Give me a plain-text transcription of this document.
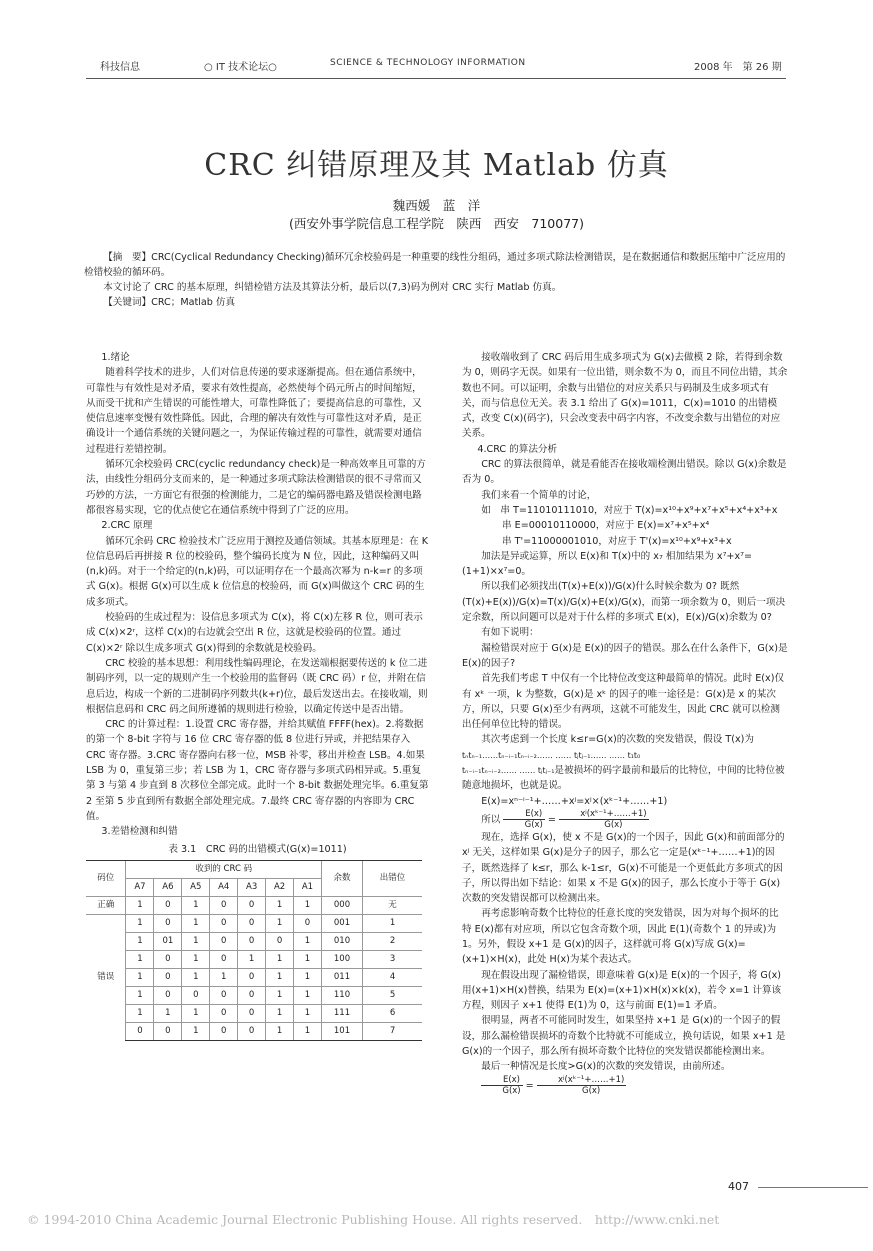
科技信息	○ IT 技术论坛○	SCIENCE & TECHNOLOGY INFORMATION	2008 年　第 26 期
CRC 纠错原理及其 Matlab 仿真
魏西媛　蓝　洋
(西安外事学院信息工程学院　陕西　西安　710077)

【摘　要】CRC(Cyclical Redundancy Checking)循环冗余校验码是一种重要的线性分组码，通过多项式除法检测错误，是在数据通信和数据压缩中广泛应用的检错校验的循环码。

本文讨论了 CRC 的基本原理，纠错检错方法及其算法分析，最后以(7,3)码为例对 CRC 实行 Matlab 仿真。

【关键词】CRC；Matlab 仿真

1.绪论

随着科学技术的进步，人们对信息传递的要求逐渐提高。但在通信系统中，可靠性与有效性是对矛盾，要求有效性提高，必然使每个码元所占的时间缩短，从而受干扰和产生错误的可能性增大，可靠性降低了；要提高信息的可靠性，又使信息速率变慢有效性降低。因此，合理的解决有效性与可靠性这对矛盾，是正确设计一个通信系统的关键问题之一，为保证传输过程的可靠性，就需要对通信过程进行差错控制。

循环冗余校验码 CRC(cyclic redundancy check)是一种高效率且可靠的方法，由线性分组码分支而来的，是一种通过多项式除法检测错误的很不寻常而又巧妙的方法，一方面它有很强的检测能力，二是它的编码器电路及错误检测电路都很容易实现，它的优点使它在通信系统中得到了广泛的应用。

2.CRC 原理

循环冗余码 CRC 检验技术广泛应用于测控及通信领域。其基本原理是：在 K 位信息码后再拼接 R 位的校验码，整个编码长度为 N 位，因此，这种编码又叫(n,k)码。对于一个给定的(n,k)码，可以证明存在一个最高次幂为 n-k=r 的多项式 G(x)。根据 G(x)可以生成 k 位信息的校验码，而 G(x)叫做这个 CRC 码的生成多项式。

校验码的生成过程为：设信息多项式为 C(x)，将 C(x)左移 R 位，则可表示成 C(x)×2ʳ，这样 C(x)的右边就会空出 R 位，这就是校验码的位置。通过 C(x)×2ʳ 除以生成多项式 G(x)得到的余数就是校验码。

CRC 校验的基本思想：利用线性编码理论，在发送端根据要传送的 k 位二进制码序列，以一定的规则产生一个校验用的监督码（既 CRC 码）r 位，并附在信息后边，构成一个新的二进制码序列数共(k+r)位，最后发送出去。在接收端，则根据信息码和 CRC 码之间所遵循的规则进行检验，以确定传送中是否出错。

CRC 的计算过程：1.设置 CRC 寄存器，并给其赋值 FFFF(hex)。2.将数据的第一个 8-bit 字符与 16 位 CRC 寄存器的低 8 位进行异或，并把结果存入 CRC 寄存器。3.CRC 寄存器向右移一位，MSB 补零，移出并检查 LSB。4.如果 LSB 为 0，重复第三步；若 LSB 为 1，CRC 寄存器与多项式码相异或。5.重复第 3 与第 4 步直到 8 次移位全部完成。此时一个 8-bit 数据处理完毕。6.重复第 2 至第 5 步直到所有数据全部处理完成。7.最终 CRC 寄存器的内容即为 CRC 值。

3.差错检测和纠错

表 3.1　CRC 码的出错模式(G(x)=1011)
码位	收到的 CRC 码							余数	出错位
	A7	A6	A5	A4	A3	A2	A1		
正确	1	0	1	0	0	1	1	000	无
错误	1	0	1	0	0	1	0	001	1
	1	01	1	0	0	0	1	010	2
	1	0	1	0	1	1	1	100	3
	1	0	1	1	0	1	1	011	4
	1	0	0	0	0	1	1	110	5
	1	1	1	0	0	1	1	111	6
	0	0	1	0	0	1	1	101	7

接收端收到了 CRC 码后用生成多项式为 G(x)去做模 2 除，若得到余数为 0，则码字无误。如果有一位出错，则余数不为 0，而且不同位出错，其余数也不同。可以证明，余数与出错位的对应关系只与码制及生成多项式有关，而与信息位无关。表 3.1 给出了 G(x)=1011，C(x)=1010 的出错模式，改变 C(x)(码字)，只会改变表中码字内容，不改变余数与出错位的对应关系。

4.CRC 的算法分析

CRC 的算法很简单，就是看能否在接收端检测出错误。除以 G(x)余数是否为 0。

我们来看一个简单的讨论，

如　串 T=11010111010，对应于 T(x)=x¹⁰+x⁹+x⁷+x⁵+x⁴+x³+x

串 E=00010110000，对应于 E(x)=x⁷+x⁵+x⁴

串 T'=11000001010，对应于 T'(x)=x¹⁰+x⁹+x³+x

加法是异或运算，所以 E(x)和 T(x)中的 x₇ 相加结果为 x⁷+x⁷=(1+1)×x⁷=0。

所以我们必须找出(T(x)+E(x))/G(x)什么时候余数为 0? 既然(T(x)+E(x))/G(x)=T(x)/G(x)+E(x)/G(x)，而第一项余数为 0，则后一项决定余数，所以问题可以是对于什么样的多项式 E(x)，E(x)/G(x)余数为 0?

有如下说明：

漏检错误对应于 G(x)是 E(x)的因子的错误。那么在什么条件下，G(x)是 E(x)的因子?

首先我们考虑 T 中仅有一个比特位改变这种最简单的情况。此时 E(x)仅有 xᵏ 一项，k 为整数，G(x)是 xᵏ 的因子的唯一途径是：G(x)是 x 的某次方，所以，只要 G(x)至少有两项，这就不可能发生，因此 CRC 就可以检测出任何单位比特的错误。

其次考虑到一个长度 k≤r=G(x)的次数的突发错误，假设 T(x)为

tₙtₙ₋₁……tₙ₋ᵢ₋₁tₙ₋ᵢ₋₂…… …… tⱼtⱼ₋₁…… …… t₁t₀

tₙ₋ᵢ₋₁tₙ₋ᵢ₋₂…… …… tⱼtⱼ₋₁是被损坏的码字最前和最后的比特位，中间的比特位被随意地损坏，也就是说。

E(x)=xⁿ⁻ⁱ⁻¹+……+xʲ=xʲ×(xᵏ⁻¹+……+1)

所以 $\frac{E(x)}{G(x)} = \frac{\text{xʲ(xᵏ⁻¹+……+1)}}{G(x)}$

现在，选择 G(x)，使 x 不是 G(x)的一个因子，因此 G(x)和前面部分的 xʲ 无关，这样如果 G(x)是分子的因子，那么它一定是(xᵏ⁻¹+……+1)的因子，既然选择了 k≤r，那么 k-1≤r，G(x)不可能是一个更低此方多项式的因子，所以得出如下结论：如果 x 不是 G(x)的因子，那么长度小于等于 G(x)次数的突发错误都可以检测出来。

再考虑影响奇数个比特位的任意长度的突发错误，因为对每个损坏的比特 E(x)都有对应项，所以它包含奇数个项，因此 E(1)(奇数个 1 的异或)为 1。另外，假设 x+1 是 G(x)的因子，这样就可将 G(x)写成 G(x)=(x+1)×H(x)，此处 H(x)为某个表达式。

现在假设出现了漏检错误，即意味着 G(x)是 E(x)的一个因子，将 G(x)用(x+1)×H(x)替换，结果为 E(x)=(x+1)×H(x)×k(x)，若令 x=1 计算该方程，则因子 x+1 使得 E(1)为 0，这与前面 E(1)=1 矛盾。

很明显，两者不可能同时发生，如果坚持 x+1 是 G(x)的一个因子的假设，那么漏检错误损坏的奇数个比特就不可能成立，换句话说，如果 x+1 是 G(x)的一个因子，那么所有损坏奇数个比特位的突发错误都能检测出来。

最后一种情况是长度>G(x)的次数的突发错误，由前所述。

$\frac{E(x)}{G(x)} = \frac{\text{xʲ(xᵏ⁻¹+……+1)}}{G(x)}$

407
© 1994-2010 China Academic Journal Electronic Publishing House. All rights reserved.　http://www.cnki.net
